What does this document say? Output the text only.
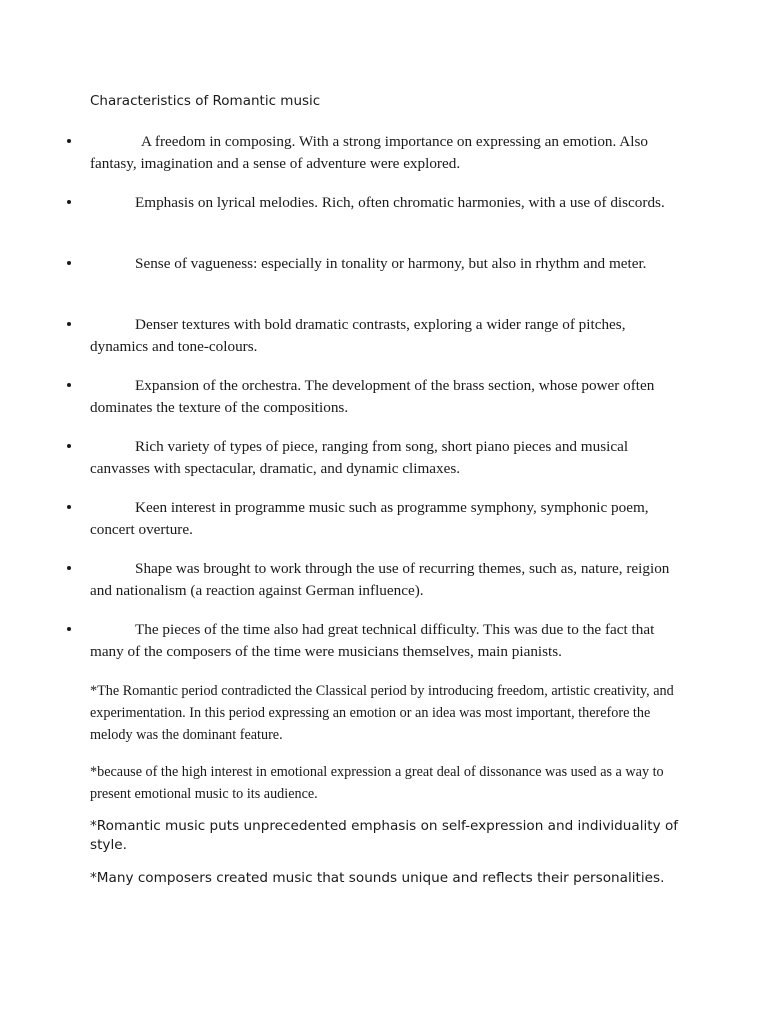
Characteristics of Romantic music
A freedom in composing. With a strong importance on expressing an emotion. Also fantasy, imagination and a sense of adventure were explored.
Emphasis on lyrical melodies. Rich, often chromatic harmonies, with a use of discords.
Sense of vagueness: especially in tonality or harmony, but also in rhythm and meter.
Denser textures with bold dramatic contrasts, exploring a wider range of pitches, dynamics and tone-colours.
Expansion of the orchestra. The development of the brass section, whose power often dominates the texture of the compositions.
Rich variety of types of piece, ranging from song, short piano pieces and musical canvasses with spectacular, dramatic, and dynamic climaxes.
Keen interest in programme music such as programme symphony, symphonic poem, concert overture.
Shape was brought to work through the use of recurring themes, such as, nature, reigion and nationalism (a reaction against German influence).
The pieces of the time also had great technical difficulty. This was due to the fact that many of the composers of the time were musicians themselves, main pianists.
*The Romantic period contradicted the Classical period by introducing freedom, artistic creativity, and experimentation. In this period expressing an emotion or an idea was most important, therefore the melody was the dominant feature.
*because of the high interest in emotional expression a great deal of dissonance was used as a way to present emotional music to its audience.
*Romantic music puts unprecedented emphasis on self-expression and individuality of style.
*Many composers created music that sounds unique and reflects their personalities.
